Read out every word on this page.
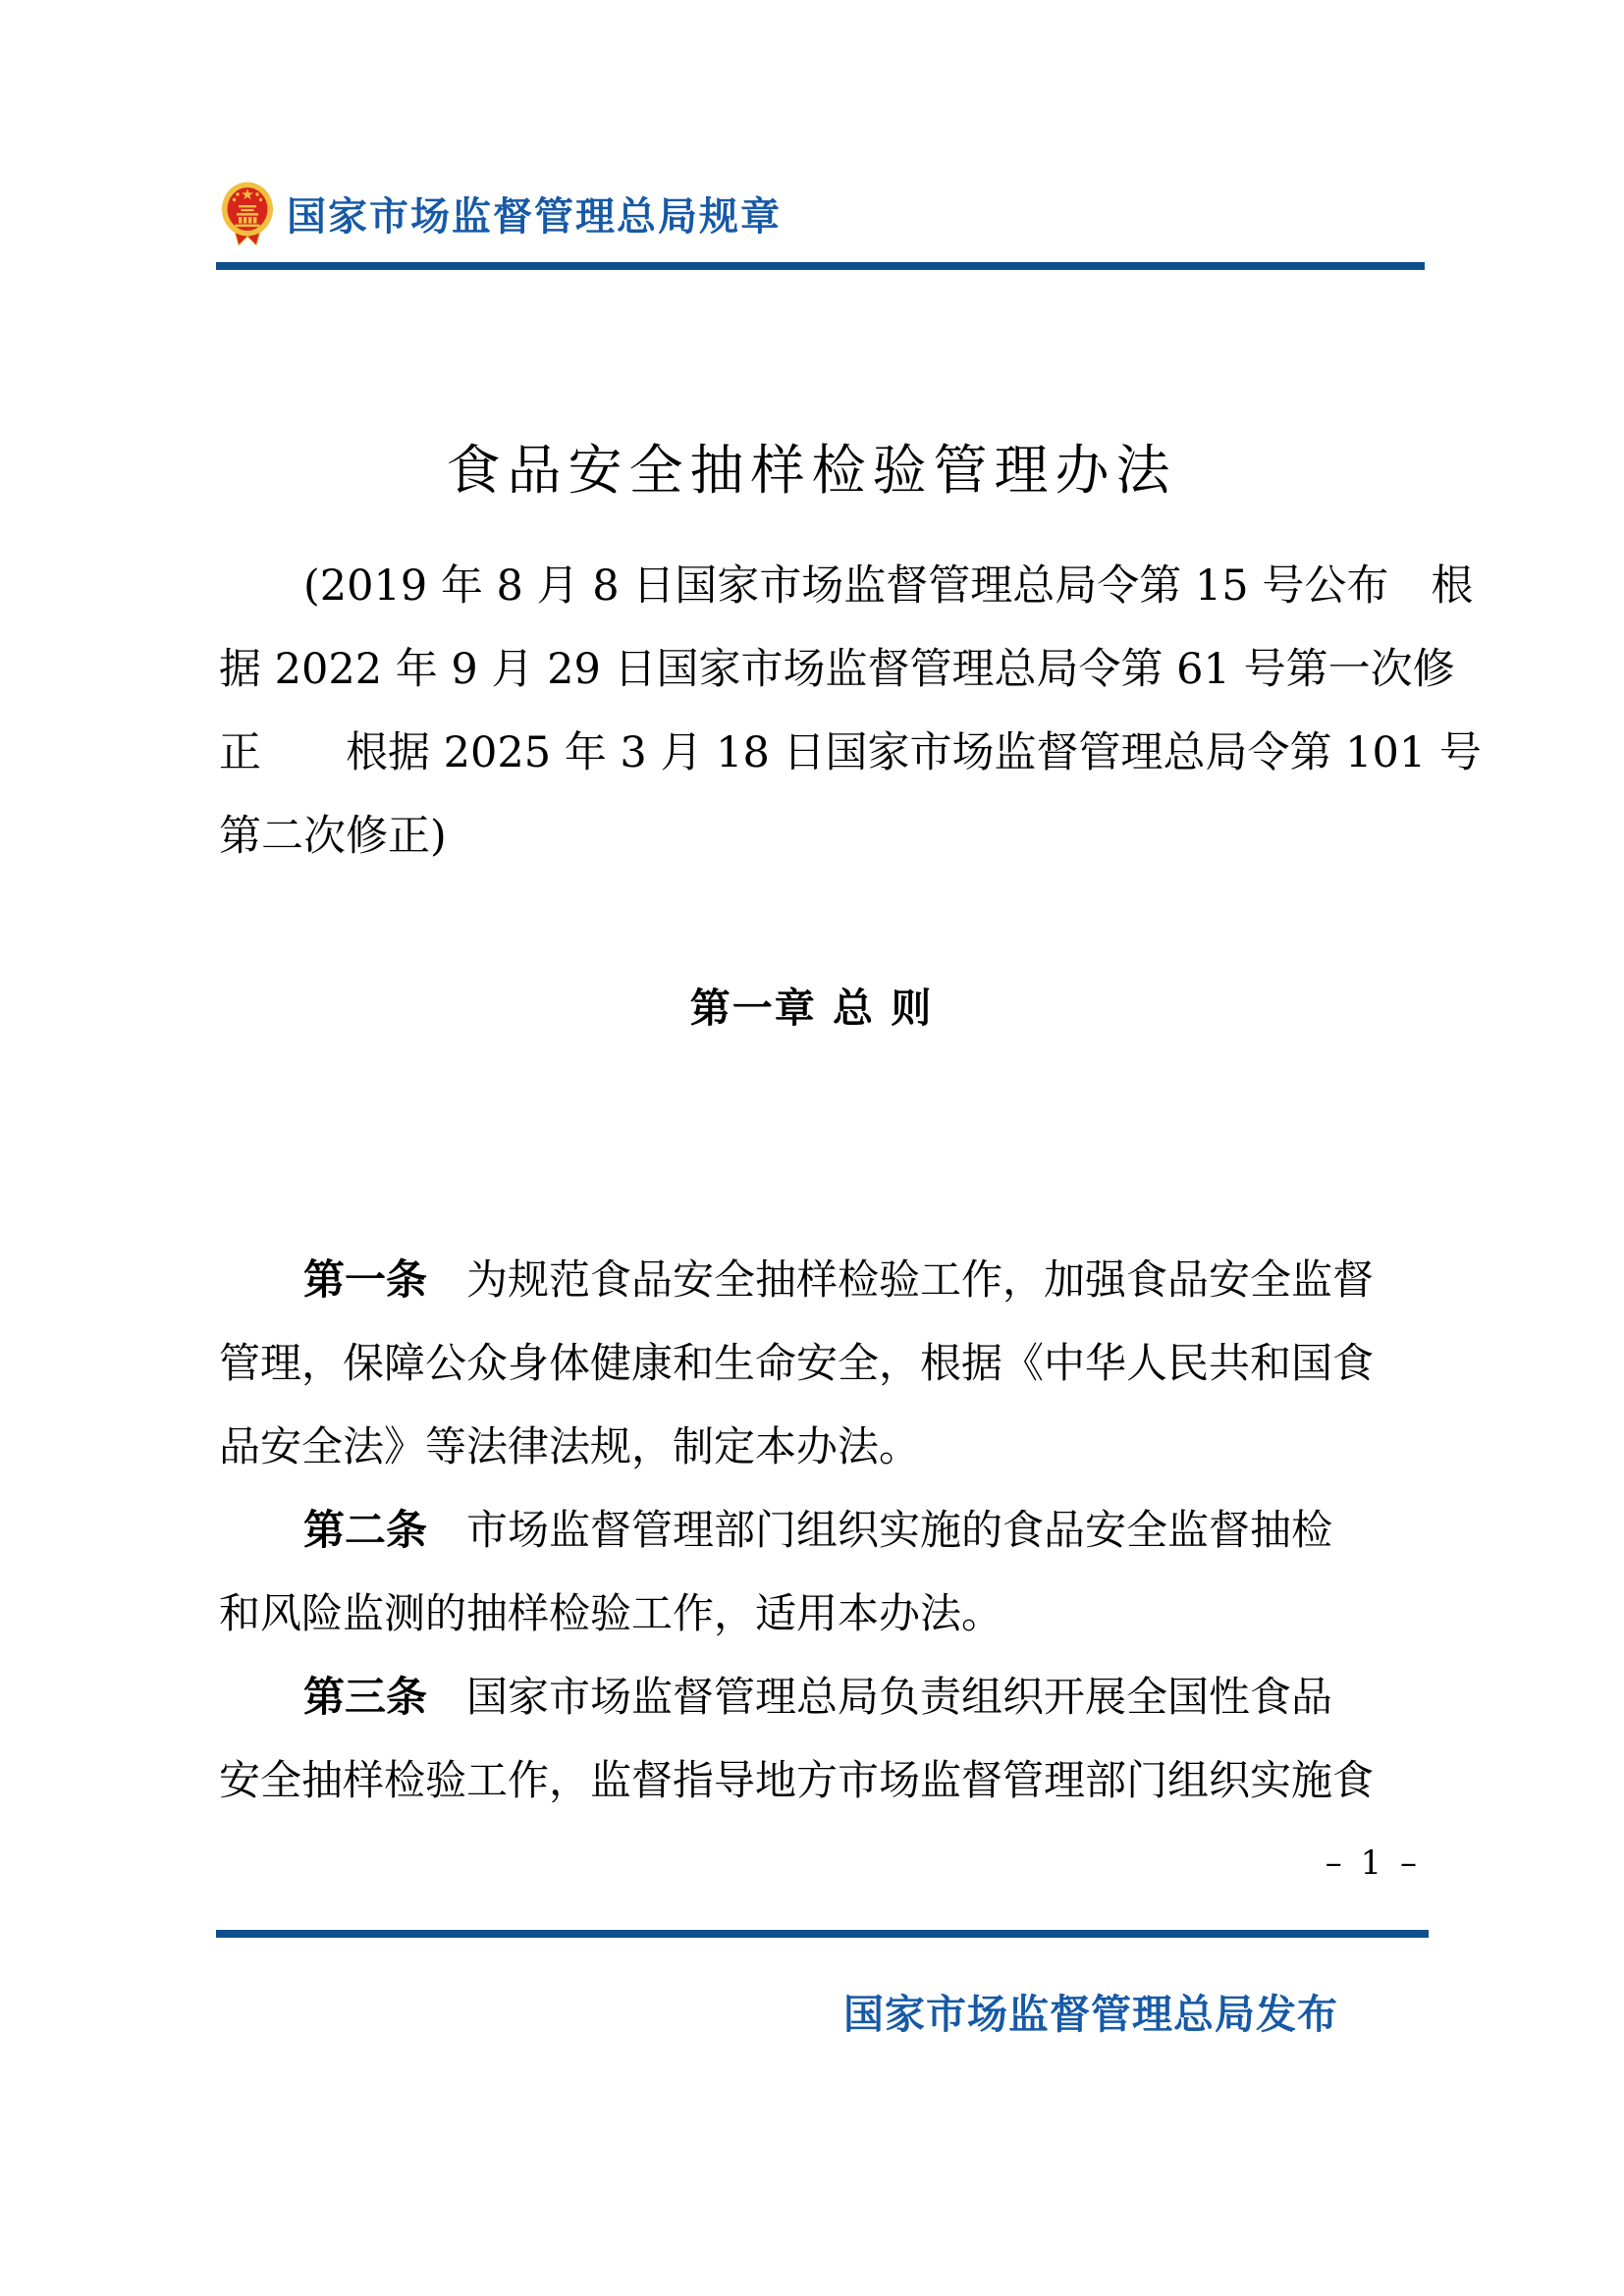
国家市场监督管理总局规章
食品安全抽样检验管理办法
(2019 年 8 月 8 日国家市场监督管理总局令第 15 号公布　根
据 2022 年 9 月 29 日国家市场监督管理总局令第 61 号第一次修
正　　根据 2025 年 3 月 18 日国家市场监督管理总局令第 101 号
第二次修正)
第一章 总 则
第一条 为规范食品安全抽样检验工作，加强食品安全监督
管理，保障公众身体健康和生命安全，根据《中华人民共和国食
品安全法》等法律法规，制定本办法。
第二条 市场监督管理部门组织实施的食品安全监督抽检
和风险监测的抽样检验工作，适用本办法。
第三条 国家市场监督管理总局负责组织开展全国性食品
安全抽样检验工作，监督指导地方市场监督管理部门组织实施食
– 1 –
国家市场监督管理总局发布
